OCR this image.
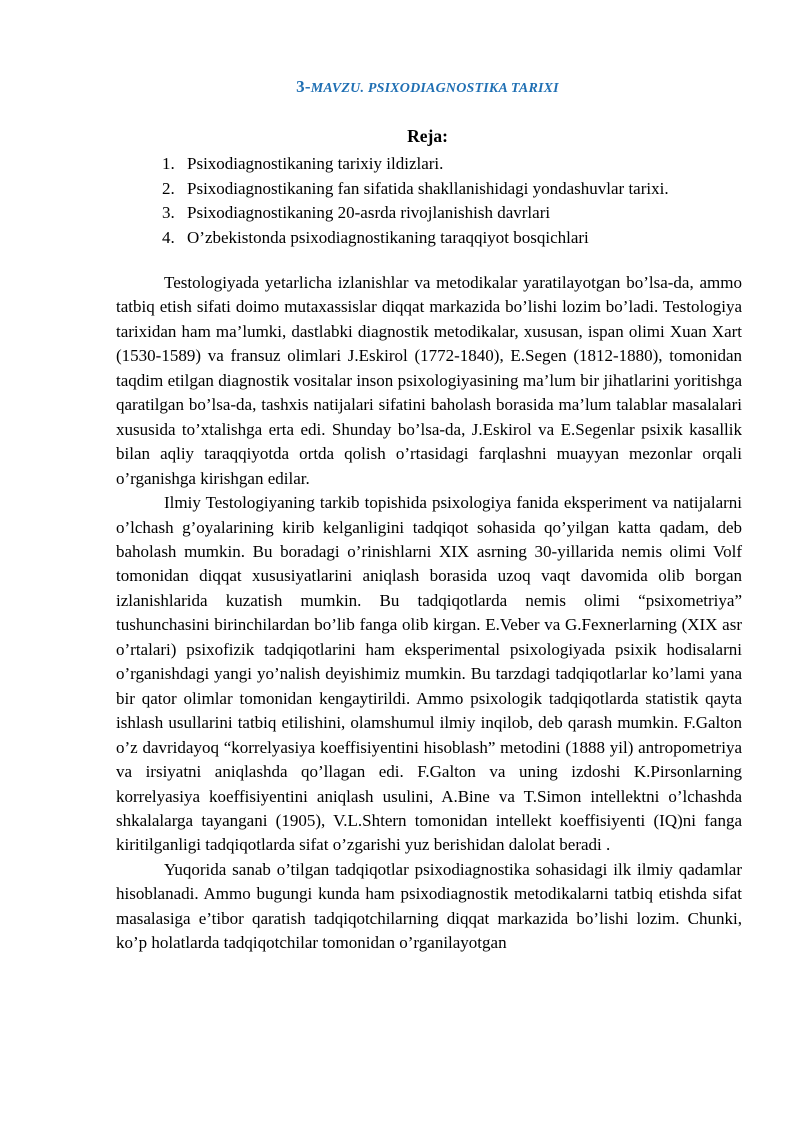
3-MAVZU. PSIXODIAGNOSTIKA TARIXI
Reja:
1. Psixodiagnostikaning tarixiy ildizlari.
2. Psixodiagnostikaning fan sifatida shakllanishidagi yondashuvlar tarixi.
3. Psixodiagnostikaning 20-asrda rivojlanishish davrlari
4. O’zbekistonda psixodiagnostikaning taraqqiyot bosqichlari

Testologiyada yetarlicha izlanishlar va metodikalar yaratilayotgan bo’lsa-da, ammo tatbiq etish sifati doimo mutaxassislar diqqat markazida bo’lishi lozim bo’ladi. Testologiya tarixidan ham ma’lumki, dastlabki diagnostik metodikalar, xususan, ispan olimi Xuan Xart (1530-1589) va fransuz olimlari J.Eskirol (1772-1840), E.Segen (1812-1880), tomonidan taqdim etilgan diagnostik vositalar inson psixologiyasining ma’lum bir jihatlarini yoritishga qaratilgan bo’lsa-da, tashxis natijalari sifatini baholash borasida ma’lum talablar masalalari xususida to’xtalishga erta edi. Shunday bo’lsa-da, J.Eskirol va E.Segenlar psixik kasallik bilan aqliy taraqqiyotda ortda qolish o’rtasidagi farqlashni muayyan mezonlar orqali o’rganishga kirishgan edilar.

Ilmiy Testologiyaning tarkib topishida psixologiya fanida eksperiment va natijalarni o’lchash g’oyalarining kirib kelganligini tadqiqot sohasida qo’yilgan katta qadam, deb baholash mumkin. Bu boradagi o’rinishlarni XIX asrning 30-yillarida nemis olimi Volf tomonidan diqqat xususiyatlarini aniqlash borasida uzoq vaqt davomida olib borgan izlanishlarida kuzatish mumkin. Bu tadqiqotlarda nemis olimi “psixometriya” tushunchasini birinchilardan bo’lib fanga olib kirgan. E.Veber va G.Fexnerlarning (XIX asr o’rtalari) psixofizik tadqiqotlarini ham eksperimental psixologiyada psixik hodisalarni o’rganishdagi yangi yo’nalish deyishimiz mumkin. Bu tarzdagi tadqiqotlarlar ko’lami yana bir qator olimlar tomonidan kengaytirildi. Ammo psixologik tadqiqotlarda statistik qayta ishlash usullarini tatbiq etilishini, olamshumul ilmiy inqilob, deb qarash mumkin. F.Galton o’z davridayoq “korrelyasiya koeffisiyentini hisoblash” metodini (1888 yil) antropometriya va irsiyatni aniqlashda qo’llagan edi. F.Galton va uning izdoshi K.Pirsonlarning korrelyasiya koeffisiyentini aniqlash usulini, A.Bine va T.Simon intellektni o’lchashda shkalalarga tayangani (1905), V.L.Shtern tomonidan intellekt koeffisiyenti (IQ)ni fanga kiritilganligi tadqiqotlarda sifat o’zgarishi yuz berishidan dalolat beradi .

Yuqorida sanab o’tilgan tadqiqotlar psixodiagnostika sohasidagi ilk ilmiy qadamlar hisoblanadi. Ammo bugungi kunda ham psixodiagnostik metodikalarni tatbiq etishda sifat masalasiga e’tibor qaratish tadqiqotchilarning diqqat markazida bo’lishi lozim. Chunki, ko’p holatlarda tadqiqotchilar tomonidan o’rganilayotgan
